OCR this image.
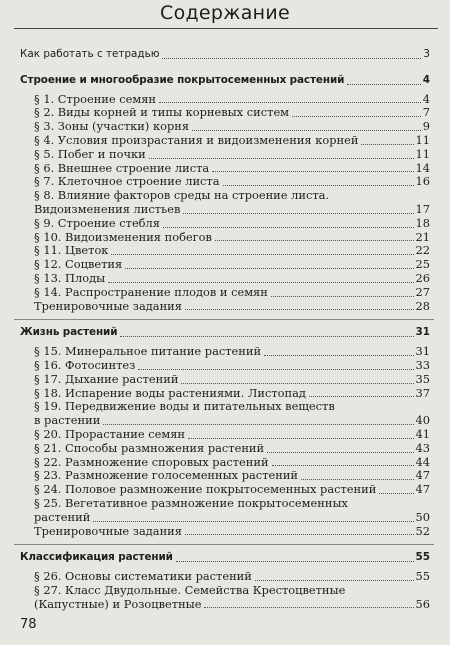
Содержание
Как работать с тетрадью	3
Строение и многообразие покрытосеменных растений	4
§ 1. Строение семян	4
§ 2. Виды корней и типы корневых систем	7
§ 3. Зоны (участки) корня	9
§ 4. Условия произрастания и видоизменения корней	11
§ 5. Побег и почки	11
§ 6. Внешнее строение листа	14
§ 7. Клеточное строение листа	16
§ 8. Влияние факторов среды на строение листа.
Видоизменения листьев	17
§ 9. Строение стебля	18
§ 10. Видоизменения побегов	21
§ 11. Цветок	22
§ 12. Соцветия	25
§ 13. Плоды	26
§ 14. Распространение плодов и семян	27
Тренировочные задания	28
Жизнь растений	31
§ 15. Минеральное питание растений	31
§ 16. Фотосинтез	33
§ 17. Дыхание растений	35
§ 18. Испарение воды растениями. Листопад	37
§ 19. Передвижение воды и питательных веществ
в растении	40
§ 20. Прорастание семян	41
§ 21. Способы размножения растений	43
§ 22. Размножение споровых растений	44
§ 23. Размножение голосеменных растений	47
§ 24. Половое размножение покрытосеменных растений	47
§ 25. Вегетативное размножение покрытосеменных
растений	50
Тренировочные задания	52
Классификация растений	55
§ 26. Основы систематики растений	55
§ 27. Класс Двудольные. Семейства Крестоцветные
(Капустные) и Розоцветные	56
78
